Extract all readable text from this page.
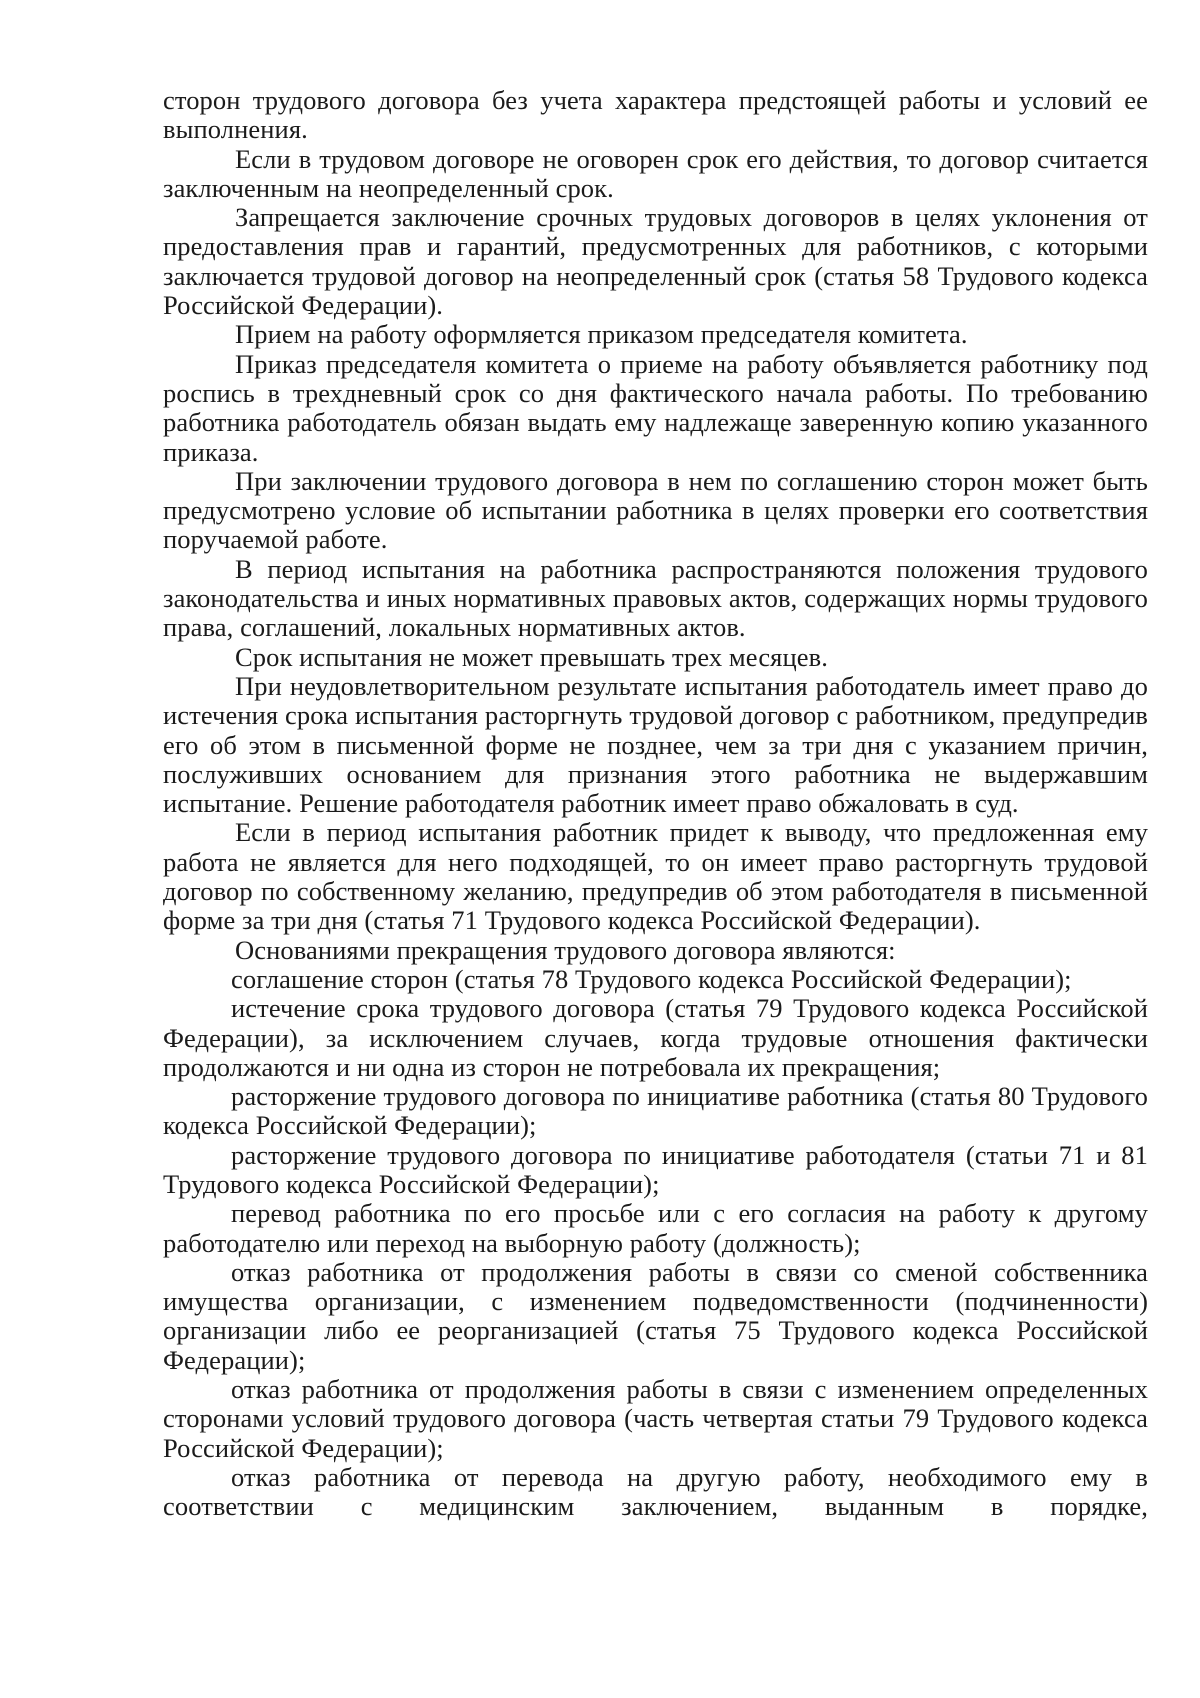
сторон трудового договора без учета характера предстоящей работы и условий ее выполнения.

Если в трудовом договоре не оговорен срок его действия, то договор считается заключенным на неопределенный срок.

Запрещается заключение срочных трудовых договоров в целях уклонения от предоставления прав и гарантий, предусмотренных для работников, с которыми заключается трудовой договор на неопределенный срок (статья 58 Трудового кодекса Российской Федерации).

Прием на работу оформляется приказом председателя комитета.

Приказ председателя комитета о приеме на работу объявляется работнику под роспись в трехдневный срок со дня фактического начала работы. По требованию работника работодатель обязан выдать ему надлежаще заверенную копию указанного приказа.

При заключении трудового договора в нем по соглашению сторон может быть предусмотрено условие об испытании работника в целях проверки его соответствия поручаемой работе.

В период испытания на работника распространяются положения трудового законодательства и иных нормативных правовых актов, содержащих нормы трудового права, соглашений, локальных нормативных актов.

Срок испытания не может превышать трех месяцев.

При неудовлетворительном результате испытания работодатель имеет право до истечения срока испытания расторгнуть трудовой договор с работником, предупредив его об этом в письменной форме не позднее, чем за три дня с указанием причин, послуживших основанием для признания этого работника не выдержавшим испытание. Решение работодателя работник имеет право обжаловать в суд.

Если в период испытания работник придет к выводу, что предложенная ему работа не является для него подходящей, то он имеет право расторгнуть трудовой договор по собственному желанию, предупредив об этом работодателя в письменной форме за три дня (статья 71 Трудового кодекса Российской Федерации).

Основаниями прекращения трудового договора являются:

соглашение сторон (статья 78 Трудового кодекса Российской Федерации);

истечение срока трудового договора (статья 79 Трудового кодекса Российской Федерации), за исключением случаев, когда трудовые отношения фактически продолжаются и ни одна из сторон не потребовала их прекращения;

расторжение трудового договора по инициативе работника (статья 80 Трудового кодекса Российской Федерации);

расторжение трудового договора по инициативе работодателя (статьи 71 и 81 Трудового кодекса Российской Федерации);

перевод работника по его просьбе или с его согласия на работу к другому работодателю или переход на выборную работу (должность);

отказ работника от продолжения работы в связи со сменой собственника имущества организации, с изменением подведомственности (подчиненности) организации либо ее реорганизацией (статья 75 Трудового кодекса Российской Федерации);

отказ работника от продолжения работы в связи с изменением определенных сторонами условий трудового договора (часть четвертая статьи 79 Трудового кодекса Российской Федерации);

отказ работника от перевода на другую работу, необходимого ему в соответствии с медицинским заключением, выданным в порядке,
